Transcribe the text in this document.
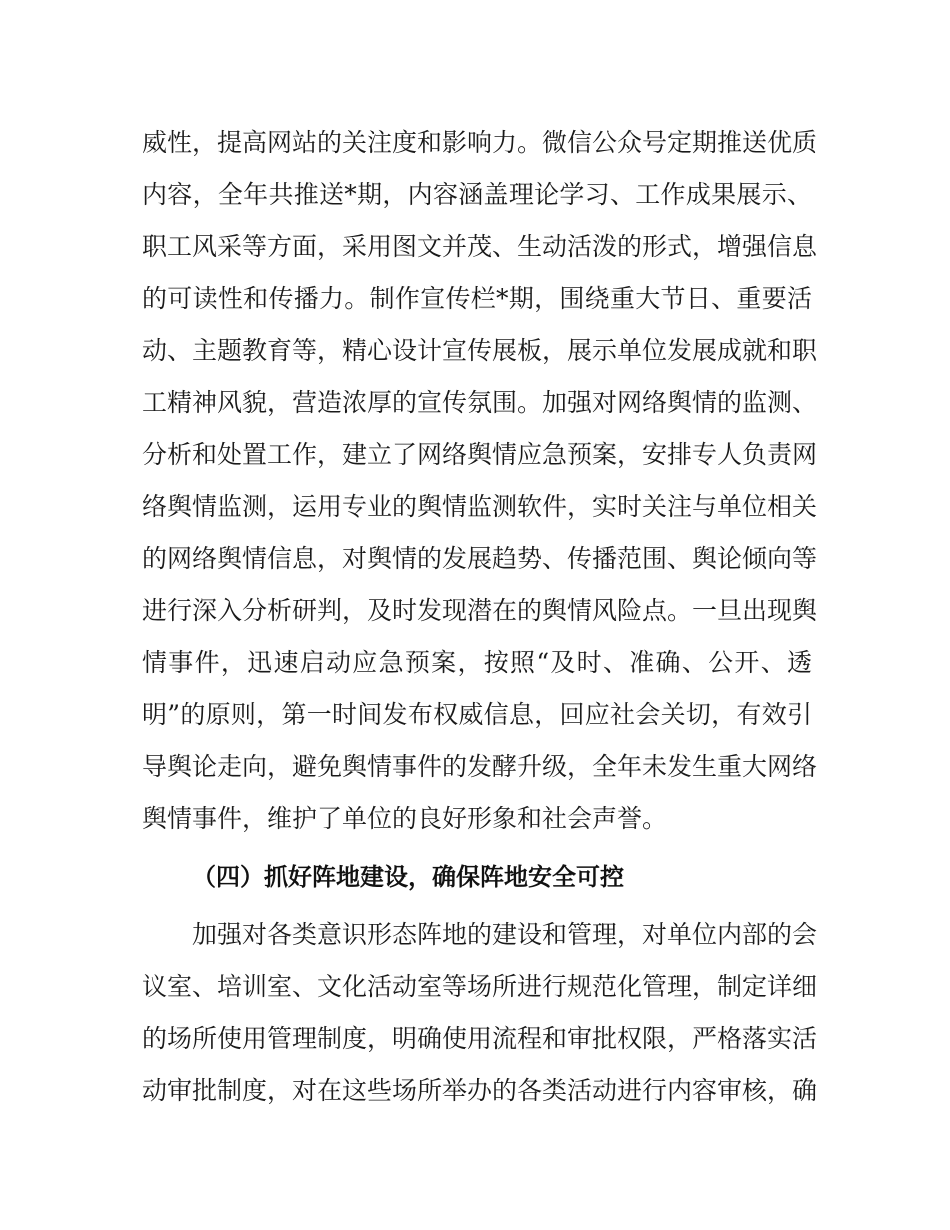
威性，提高网站的关注度和影响力。微信公众号定期推送优质
内容，全年共推送*期，内容涵盖理论学习、工作成果展示、
职工风采等方面，采用图文并茂、生动活泼的形式，增强信息
的可读性和传播力。制作宣传栏*期，围绕重大节日、重要活
动、主题教育等，精心设计宣传展板，展示单位发展成就和职
工精神风貌，营造浓厚的宣传氛围。加强对网络舆情的监测、
分析和处置工作，建立了网络舆情应急预案，安排专人负责网
络舆情监测，运用专业的舆情监测软件，实时关注与单位相关
的网络舆情信息，对舆情的发展趋势、传播范围、舆论倾向等
进行深入分析研判，及时发现潜在的舆情风险点。一旦出现舆
情事件，迅速启动应急预案，按照“及时、准确、公开、透
明”的原则，第一时间发布权威信息，回应社会关切，有效引
导舆论走向，避免舆情事件的发酵升级，全年未发生重大网络
舆情事件，维护了单位的良好形象和社会声誉。
（四）抓好阵地建设，确保阵地安全可控
加强对各类意识形态阵地的建设和管理，对单位内部的会
议室、培训室、文化活动室等场所进行规范化管理，制定详细
的场所使用管理制度，明确使用流程和审批权限，严格落实活
动审批制度，对在这些场所举办的各类活动进行内容审核，确
